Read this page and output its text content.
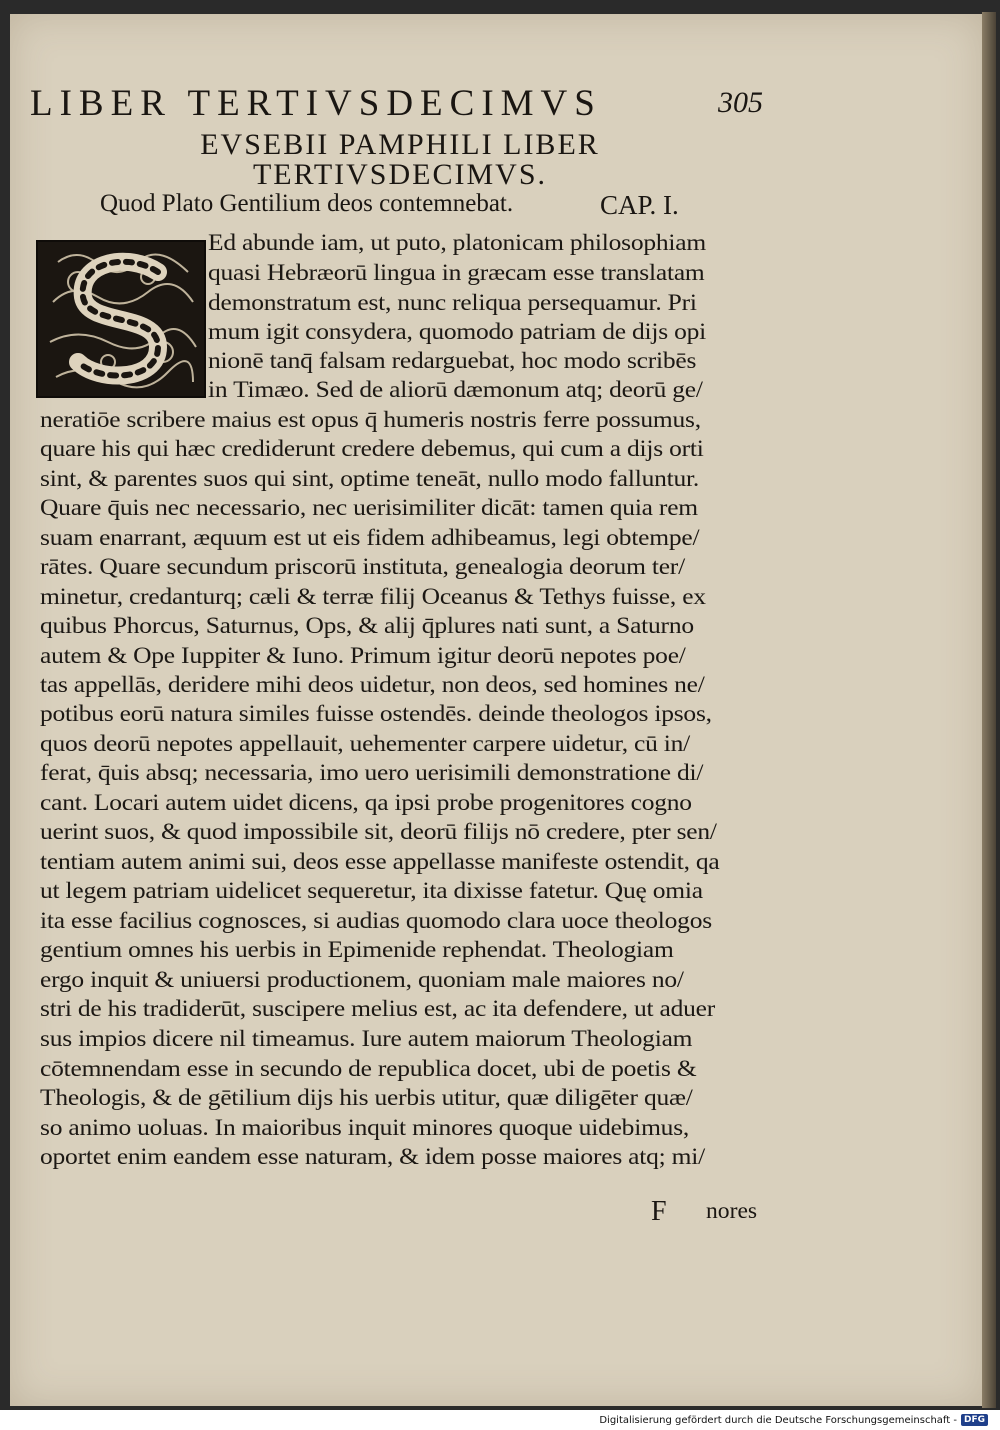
LIBER TERTIVSDECIMVS	305
EVSEBII PAMPHILI LIBER
TERTIVSDECIMVS.
Quod Plato Gentilium deos contemnebat.	CAP. I.
Ed abunde iam, ut puto, platonicam philosophiam
quasi Hebræorū lingua in græcam esse translatam
demonstratum est, nunc reliqua persequamur. Pri
mum igit consydera, quomodo patriam de dijs opi
nionē tanq̄ falsam redarguebat, hoc modo scribēs
in Timæo. Sed de aliorū dæmonum atq; deorū ge/
neratiōe scribere maius est opus q̄ humeris nostris ferre possumus,
quare his qui hæc crediderunt credere debemus, qui cum a dijs orti
sint, & parentes suos qui sint, optime teneāt, nullo modo falluntur.
Quare q̄uis nec necessario, nec uerisimiliter dicāt: tamen quia rem
suam enarrant, æquum est ut eis fidem adhibeamus, legi obtempe/
rātes. Quare secundum priscorū instituta, genealogia deorum ter/
minetur, credanturq; cæli & terræ filij Oceanus & Tethys fuisse, ex
quibus Phorcus, Saturnus, Ops, & alij q̄plures nati sunt, a Saturno
autem & Ope Iuppiter & Iuno. Primum igitur deorū nepotes poe/
tas appellās, deridere mihi deos uidetur, non deos, sed homines ne/
potibus eorū natura similes fuisse ostendēs. deinde theologos ipsos,
quos deorū nepotes appellauit, uehementer carpere uidetur, cū in/
ferat, q̄uis absq; necessaria, imo uero uerisimili demonstratione di/
cant. Locari autem uidet dicens, qa ipsi probe progenitores cogno
uerint suos, & quod impossibile sit, deorū filijs nō credere, pter sen/
tentiam autem animi sui, deos esse appellasse manifeste ostendit, qa
ut legem patriam uidelicet sequeretur, ita dixisse fatetur. Quę omia
ita esse facilius cognosces, si audias quomodo clara uoce theologos
gentium omnes his uerbis in Epimenide rephendat. Theologiam
ergo inquit & uniuersi productionem, quoniam male maiores no/
stri de his tradiderūt, suscipere melius est, ac ita defendere, ut aduer
sus impios dicere nil timeamus. Iure autem maiorum Theologiam
cōtemnendam esse in secundo de republica docet, ubi de poetis &
Theologis, & de gētilium dijs his uerbis utitur, quæ diligēter quæ/
so animo uoluas. In maioribus inquit minores quoque uidebimus,
oportet enim eandem esse naturam, & idem posse maiores atq; mi/
F nores
Digitalisierung gefördert durch die Deutsche Forschungsgemeinschaft - DFG
